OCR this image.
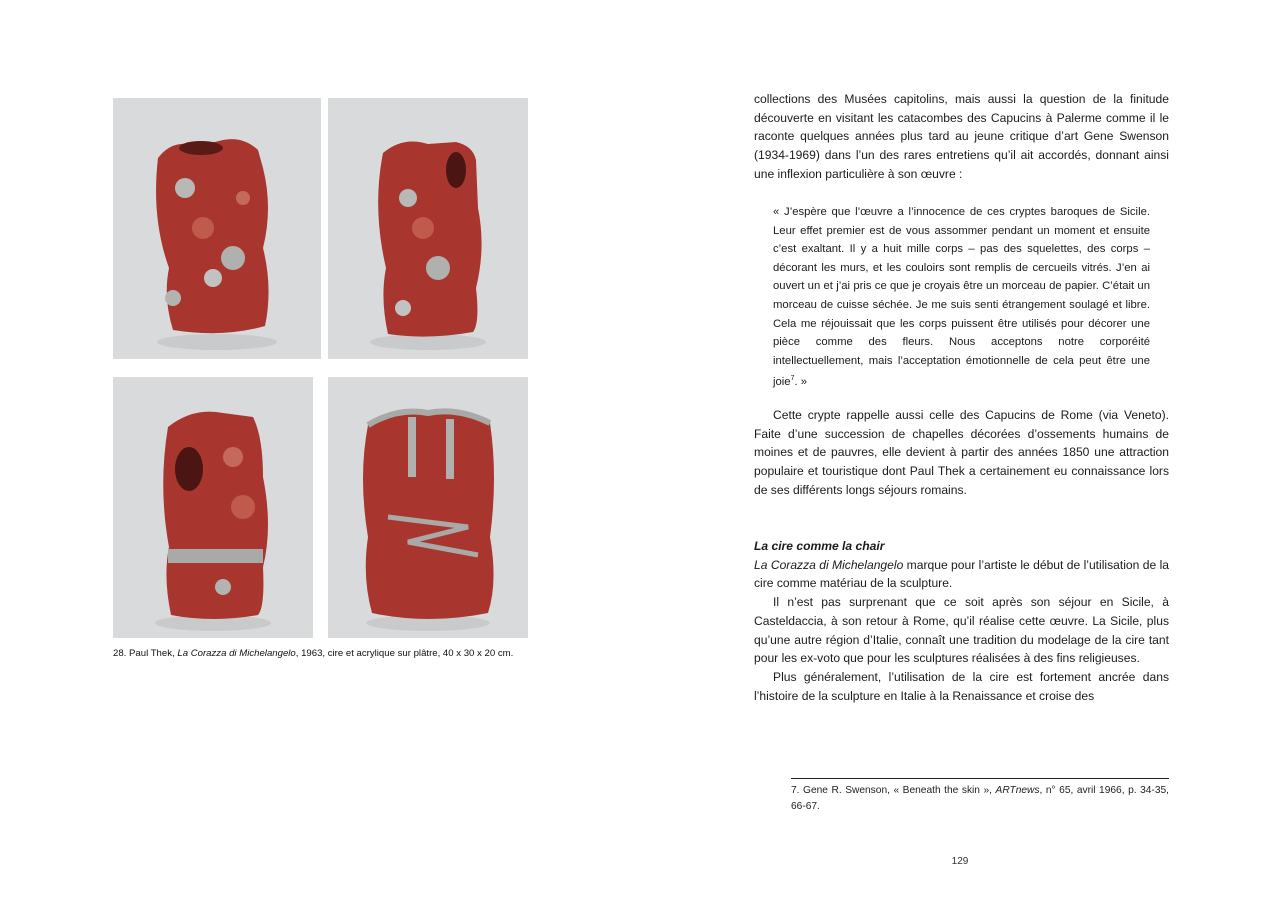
28. Paul Thek, La Corazza di Michelangelo, 1963, cire et acrylique sur plâtre, 40 x 30 x 20 cm.

collections des Musées capitolins, mais aussi la question de la finitude découverte en visitant les catacombes des Capucins à Palerme comme il le raconte quelques années plus tard au jeune critique d’art Gene Swenson (1934-1969) dans l’un des rares entretiens qu’il ait accordés, donnant ainsi une inflexion particulière à son œuvre :

« J’espère que l’œuvre a l’innocence de ces cryptes baroques de Sicile. Leur effet premier est de vous assommer pendant un moment et ensuite c’est exaltant. Il y a huit mille corps – pas des squelettes, des corps – décorant les murs, et les couloirs sont remplis de cercueils vitrés. J’en ai ouvert un et j’ai pris ce que je croyais être un morceau de papier. C’était un morceau de cuisse séchée. Je me suis senti étrangement soulagé et libre. Cela me réjouissait que les corps puissent être utilisés pour décorer une pièce comme des fleurs. Nous acceptons notre corporéité intellectuellement, mais l’acceptation émotionnelle de cela peut être une joie$^7$. »

Cette crypte rappelle aussi celle des Capucins de Rome (via Veneto). Faite d’une succession de chapelles décorées d’ossements humains de moines et de pauvres, elle devient à partir des années 1850 une attraction populaire et touristique dont Paul Thek a certainement eu connaissance lors de ses différents longs séjours romains.

La cire comme la chair

La Corazza di Michelangelo marque pour l’artiste le début de l’utilisation de la cire comme matériau de la sculpture.

Il n’est pas surprenant que ce soit après son séjour en Sicile, à Casteldaccia, à son retour à Rome, qu’il réalise cette œuvre. La Sicile, plus qu’une autre région d’Italie, connaît une tradition du modelage de la cire tant pour les ex-voto que pour les sculptures réalisées à des fins religieuses.

Plus généralement, l’utilisation de la cire est fortement ancrée dans l’histoire de la sculpture en Italie à la Renaissance et croise des

7. Gene R. Swenson, « Beneath the skin », ARTnews, n° 65, avril 1966, p. 34-35, 66-67.
129
